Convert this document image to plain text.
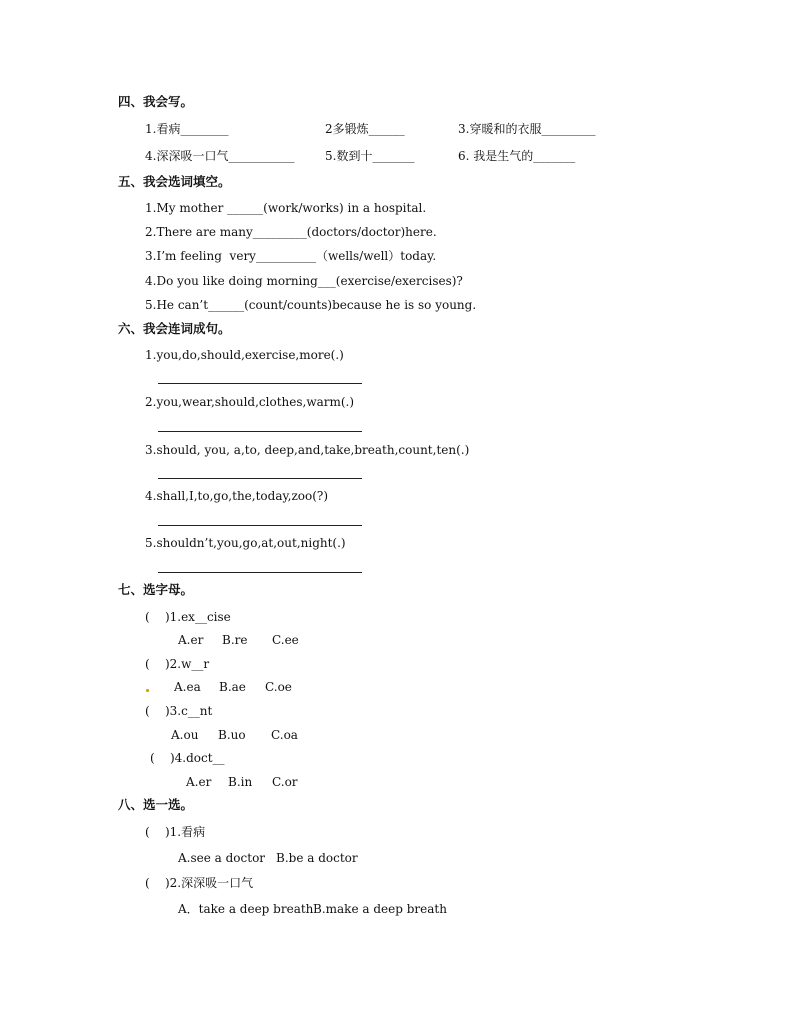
四、我会写。
1.看病________	2多锻炼______	3.穿暖和的衣服_________
4.深深吸一口气___________	5.数到十_______	6. 我是生气的_______
五、我会选词填空。
1.My mother ______(work/works) in a hospital.
2.There are many_________(doctors/doctor)here.
3.I’m feeling  very__________（wells/well）today.
4.Do you like doing morning___(exercise/exercises)?
5.He can’t______(count/counts)because he is so young.
六、我会连词成句。
1.you,do,should,exercise,more(.)
2.you,wear,should,clothes,warm(.)
3.should, you, a,to, deep,and,take,breath,count,ten(.)
4.shall,I,to,go,the,today,zoo(?)
5.shouldn’t,you,go,at,out,night(.)
七、选字母。
(    )1.ex__cise
A.er B.re C.ee
(    )2.w__r
A.ea B.ae C.oe
(    )3.c__nt
A.ou B.uo C.oa
(    )4.doct__
A.er B.in C.or
八、选一选。
(    )1.看病
A.see a doctor B.be a doctor
(    )2.深深吸一口气
A．take a deep breath B.make a deep breath
